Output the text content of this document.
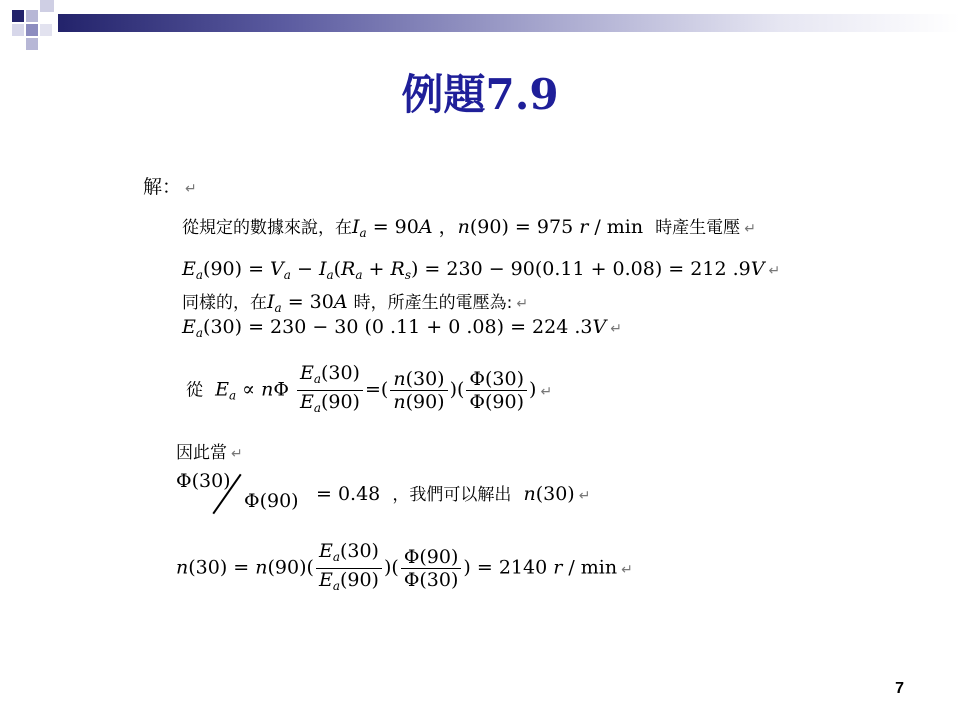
例題7.9
解： ↵
從規定的數據來說，在$I_a = 90A$ ，n(90) = 975 r / min  時產生電壓 ↵
$E_a(90) = V_a - I_a(R_a + R_s) = 230 - 90(0.11 + 0.08) = 212$ .9V ↵
同樣的，在$I_a = 30A$ 時，所產生的電壓為: ↵
$E_a(30) = 230 - 30$ (0 .11 + 0 .08) = 224 .3V ↵
從 $E_a \propto n\Phi \frac{E_a(30)}{E_a(90)}$ =( $\frac{n(30)}{n(90)}$ )( $\frac{\Phi(30)}{\Phi(90)}$ ) ↵
因此當 ↵
Φ(30)
Φ(90) = 0.48  ，我們可以解出 n(30) ↵
$n(30) = n(90)( \frac{E_a(30)}{E_a(90)}$ )( $\frac{\Phi(90)}{\Phi(30)}$ ) = 2140 r / min ↵
7
